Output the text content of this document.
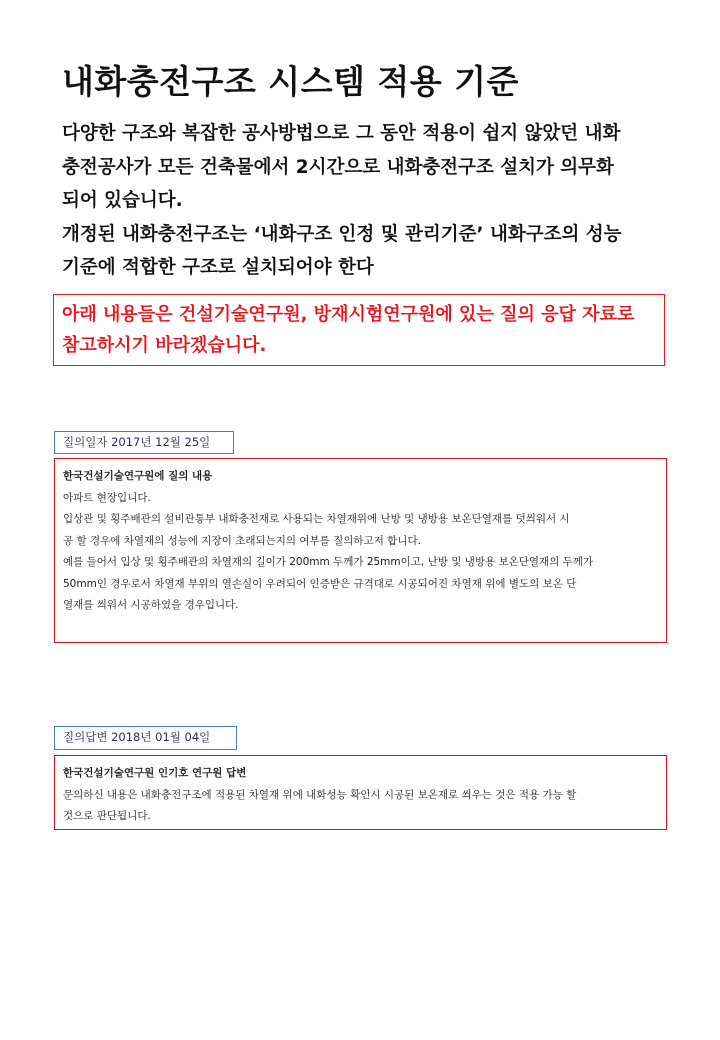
내화충전구조 시스템 적용 기준

다양한 구조와 복잡한 공사방법으로 그 동안 적용이 쉽지 않았던 내화

충전공사가 모든 건축물에서 2시간으로 내화충전구조 설치가 의무화

되어 있습니다.

개정된 내화충전구조는 ‘내화구조 인정 및 관리기준’ 내화구조의 성능

기준에 적합한 구조로 설치되어야 한다

아래 내용들은 건설기술연구원, 방재시험연구원에 있는 질의 응답 자료로

참고하시기 바라겠습니다.

질의일자 2017년 12월 25일

한국건설기술연구원에 질의 내용

아파트 현장입니다.

입상관 및 횡주배관의 설비관통부 내화충전재로 사용되는 차열재위에 난방 및 냉방용 보온단열재를 덧씌워서 시

공 할 경우에 차열재의 성능에 지장이 초래되는지의 여부를 질의하고저 합니다.

예를 들어서 입상 및 횡주배관의 차열재의 길이가 200mm 두께가 25mm이고, 난방 및 냉방용 보온단열재의 두께가

50mm인 경우로서 차열재 부위의 열손실이 우려되어 인증받은 규격대로 시공되어진 차열재 위에 별도의 보온 단

열재를 씌워서 시공하였을 경우입니다.

질의답변 2018년 01월 04일

한국건설기술연구원 인기호 연구원 답변

문의하신 내용은 내화충전구조에 적용된 차열재 위에 내화성능 확인시 시공된 보온재로 씌우는 것은 적용 가능 할

것으로 판단됩니다.
